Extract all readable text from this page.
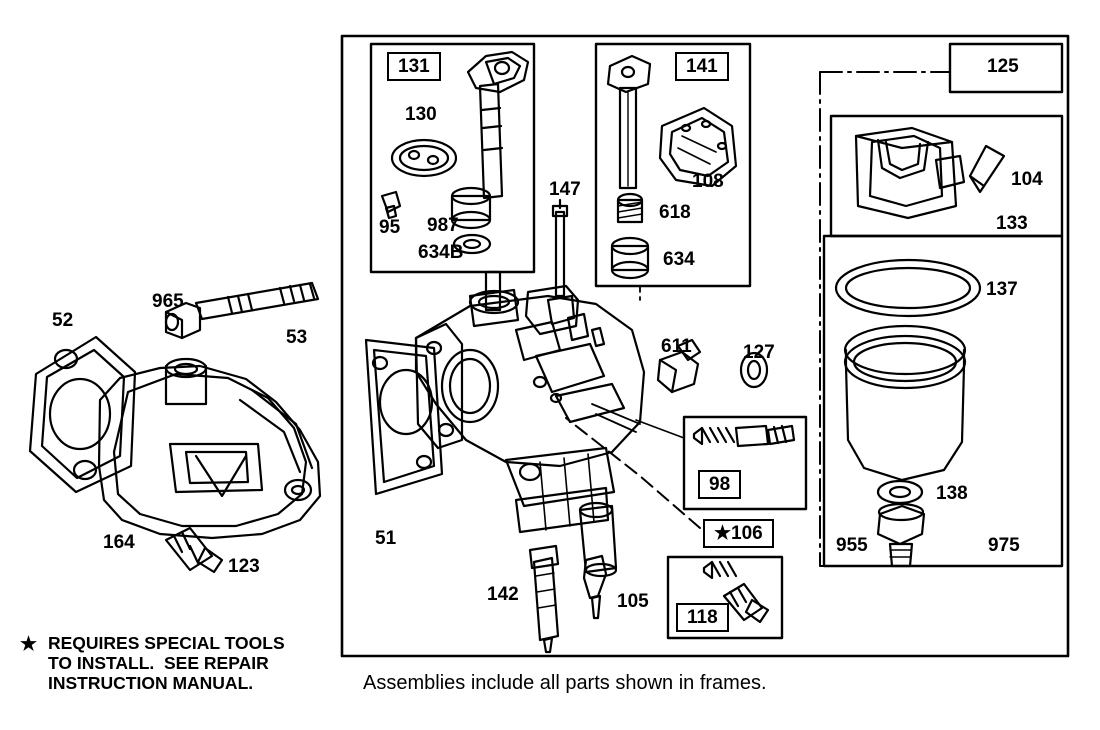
52
965
53
164
123
51
131
130
95 987
634B
147
141
108
618
634
125
104
133
137
138
955	975
611	127
98
★106
118
142	105
★ REQUIRES SPECIAL TOOLS
TO INSTALL.  SEE REPAIR
INSTRUCTION MANUAL.	Assemblies include all parts shown in frames.
